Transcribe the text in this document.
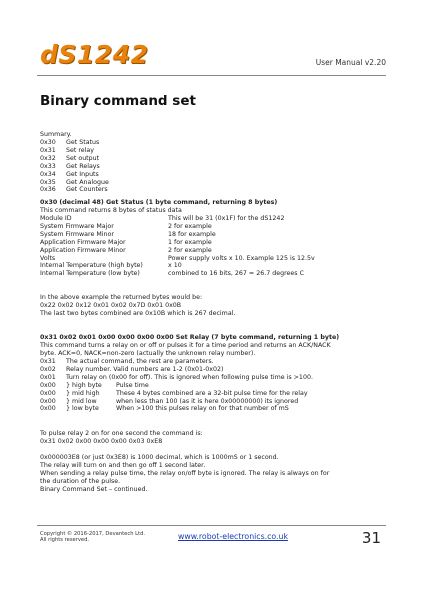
dS1242	User Manual v2.20
Binary command set
Summary.
0x30 Get Status
0x31 Set relay
0x32 Set output
0x33 Get Relays
0x34 Get Inputs
0x35 Get Analogue
0x36 Get Counters
0x30 (decimal 48) Get Status (1 byte command, returning 8 bytes)
This command returns 8 bytes of status data
Module ID	This will be 31 (0x1F) for the dS1242
System Firmware Major	2 for example
System Firmware Minor	18 for example
Application Firmware Major	1 for example
Application Firmware Minor	2 for example
Volts	Power supply volts x 10. Example 125 is 12.5v
Internal Temperature (high byte)	x 10
Internal Temperature (low byte)	combined to 16 bits, 267 = 26.7 degrees C
In the above example the returned bytes would be:
0x22 0x02 0x12 0x01 0x02 0x7D 0x01 0x0B
The last two bytes combined are 0x10B which is 267 decimal.
0x31 0x02 0x01 0x00 0x00 0x00 0x00 Set Relay (7 byte command, returning 1 byte)
This command turns a relay on or off or pulses it for a time period and returns an ACK/NACK
byte. ACK=0, NACK=non-zero (actually the unknown relay number).
0x31 The actual command, the rest are parameters.
0x02 Relay number. Valid numbers are 1-2 (0x01-0x02)
0x01 Turn relay on (0x00 for off). This is ignored when following pulse time is >100.
0x00 } high byte Pulse time
0x00 } mid high	These 4 bytes combined are a 32-bit pulse time for the relay
0x00 } mid low	when less than 100 (as it is here 0x00000000) its ignored
0x00 } low byte	When >100 this pulses relay on for that number of mS
To pulse relay 2 on for one second the command is:
0x31 0x02 0x00 0x00 0x00 0x03 0xE8
0x000003E8 (or just 0x3E8) is 1000 decimal, which is 1000mS or 1 second.
The relay will turn on and then go off 1 second later.
When sending a relay pulse time, the relay on/off byte is ignored. The relay is always on for
the duration of the pulse.
Binary Command Set – continued.
Copyright © 2016-2017, Devantech Ltd.
All rights reserved.	www.robot-electronics.co.uk	31
